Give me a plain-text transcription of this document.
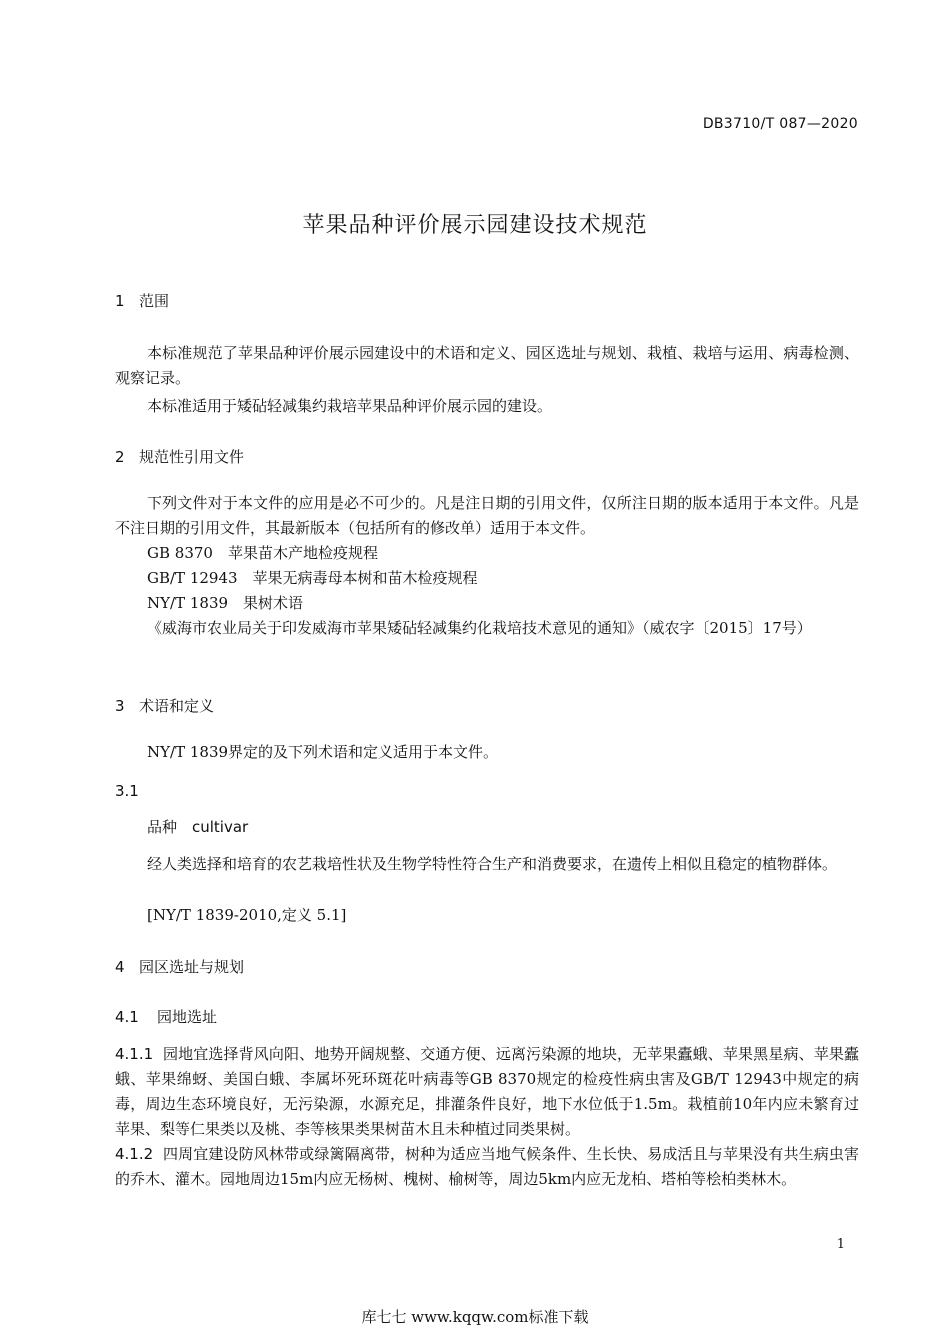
DB3710/T 087—2020
苹果品种评价展示园建设技术规范
1 范围
本标准规范了苹果品种评价展示园建设中的术语和定义、园区选址与规划、栽植、栽培与运用、病毒检测、观察记录。
本标准适用于矮砧轻减集约栽培苹果品种评价展示园的建设。
2 规范性引用文件
下列文件对于本文件的应用是必不可少的。凡是注日期的引用文件，仅所注日期的版本适用于本文件。凡是不注日期的引用文件，其最新版本（包括所有的修改单）适用于本文件。
GB 8370　苹果苗木产地检疫规程
GB/T 12943　苹果无病毒母本树和苗木检疫规程
NY/T 1839　果树术语
《威海市农业局关于印发威海市苹果矮砧轻减集约化栽培技术意见的通知》（威农字〔2015〕17号）
3 术语和定义
NY/T 1839界定的及下列术语和定义适用于本文件。
3.1
品种　cultivar
经人类选择和培育的农艺栽培性状及生物学特性符合生产和消费要求，在遗传上相似且稳定的植物群体。
[NY/T 1839-2010,定义 5.1]
4 园区选址与规划
4.1 园地选址
4.1.1 园地宜选择背风向阳、地势开阔规整、交通方便、远离污染源的地块，无苹果蠹蛾、苹果黑星病、苹果蠹蛾、苹果绵蚜、美国白蛾、李属坏死环斑花叶病毒等GB 8370规定的检疫性病虫害及GB/T 12943中规定的病毒，周边生态环境良好，无污染源，水源充足，排灌条件良好，地下水位低于1.5m。栽植前10年内应未繁育过苹果、梨等仁果类以及桃、李等核果类果树苗木且未种植过同类果树。
4.1.2 四周宜建设防风林带或绿篱隔离带，树种为适应当地气候条件、生长快、易成活且与苹果没有共生病虫害的乔木、灌木。园地周边15m内应无杨树、槐树、榆树等，周边5km内应无龙柏、塔柏等桧柏类林木。
1
库七七 www.kqqw.com标准下载
